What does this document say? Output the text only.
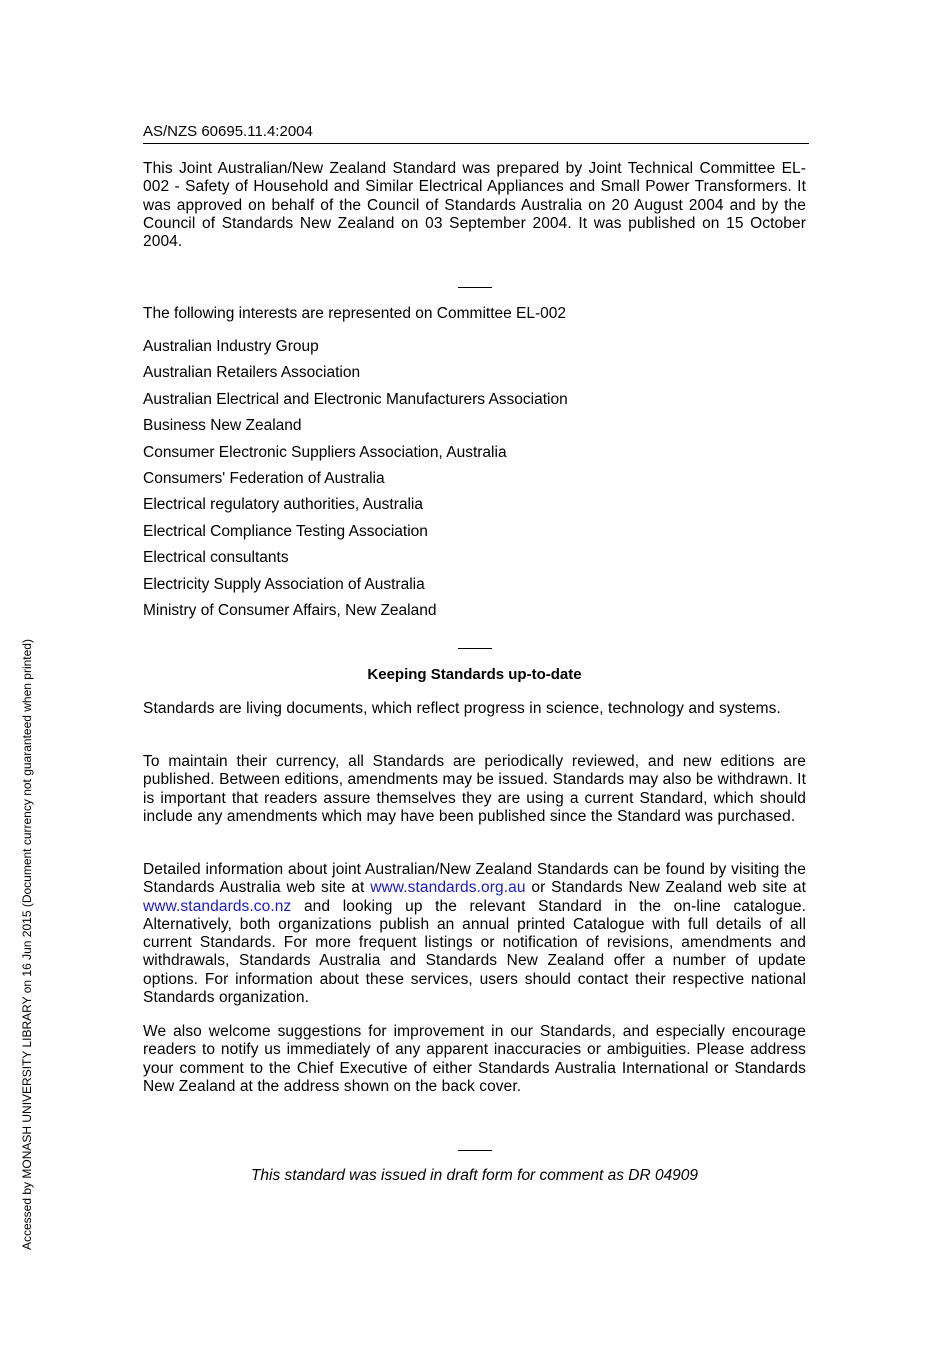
AS/NZS 60695.11.4:2004
This Joint Australian/New Zealand Standard was prepared by Joint Technical Committee EL-002 - Safety of Household and Similar Electrical Appliances and Small Power Transformers. It was approved on behalf of the Council of Standards Australia on 20 August 2004 and by the Council of Standards New Zealand on 03 September 2004. It was published on 15 October 2004.
The following interests are represented on Committee EL-002
Australian Industry Group
Australian Retailers Association
Australian Electrical and Electronic Manufacturers Association
Business New Zealand
Consumer Electronic Suppliers Association, Australia
Consumers' Federation of Australia
Electrical regulatory authorities, Australia
Electrical Compliance Testing Association
Electrical consultants
Electricity Supply Association of Australia
Ministry of Consumer Affairs, New Zealand
Keeping Standards up-to-date
Standards are living documents, which reflect progress in science, technology and systems.
To maintain their currency, all Standards are periodically reviewed, and new editions are published. Between editions, amendments may be issued. Standards may also be withdrawn. It is important that readers assure themselves they are using a current Standard, which should include any amendments which may have been published since the Standard was purchased.
Detailed information about joint Australian/New Zealand Standards can be found by visiting the Standards Australia web site at www.standards.org.au or Standards New Zealand web site at www.standards.co.nz and looking up the relevant Standard in the on-line catalogue. Alternatively, both organizations publish an annual printed Catalogue with full details of all current Standards. For more frequent listings or notification of revisions, amendments and withdrawals, Standards Australia and Standards New Zealand offer a number of update options. For information about these services, users should contact their respective national Standards organization.
We also welcome suggestions for improvement in our Standards, and especially encourage readers to notify us immediately of any apparent inaccuracies or ambiguities. Please address your comment to the Chief Executive of either Standards Australia International or Standards New Zealand at the address shown on the back cover.
This standard was issued in draft form for comment as DR 04909
Accessed by MONASH UNIVERSITY LIBRARY on 16 Jun 2015 (Document currency not guaranteed when printed)
